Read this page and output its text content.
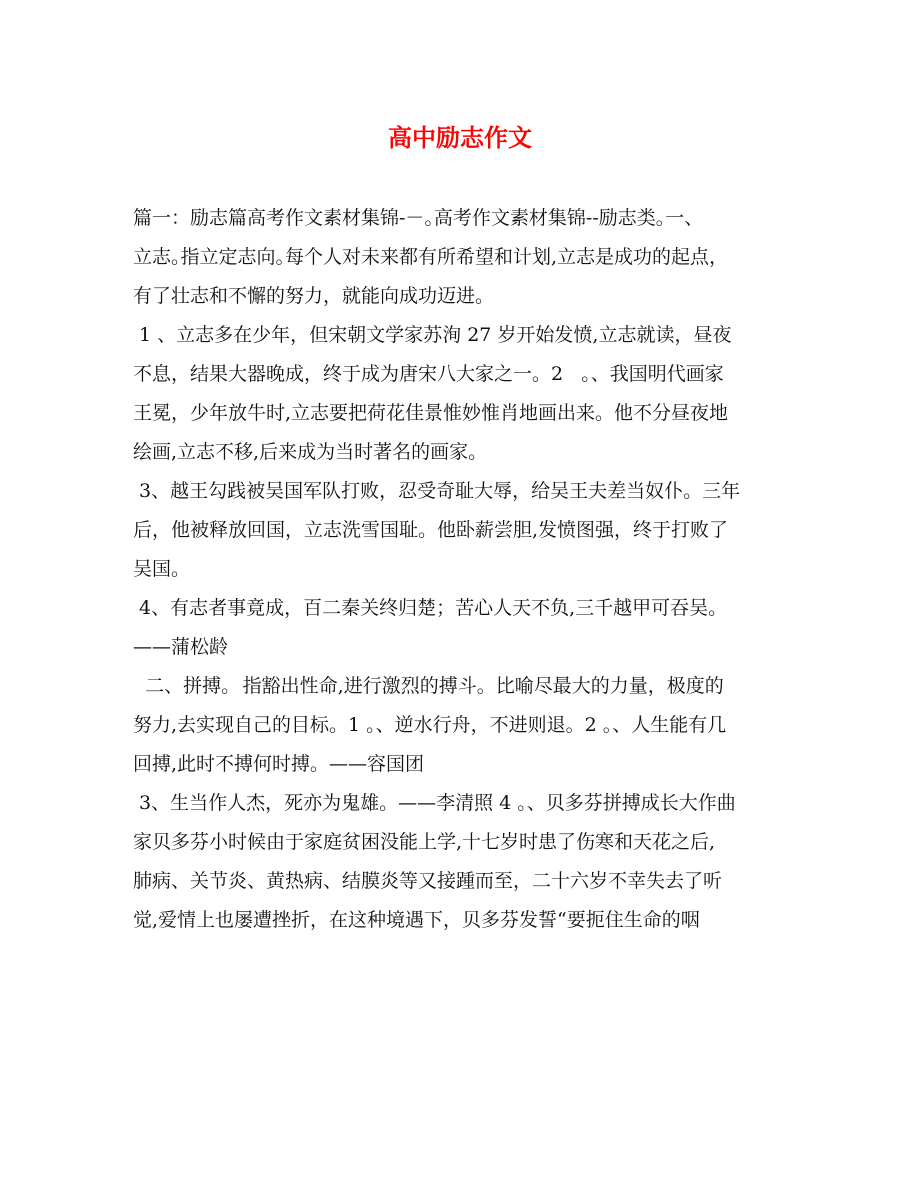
高中励志作文
篇一：励志篇高考作文素材集锦-－｡高考作文素材集锦--励志类｡一、
立志｡指立定志向｡每个人对未来都有所希望和计划,立志是成功的起点，
有了壮志和不懈的努力，就能向成功迈进。
1 、立志多在少年，但宋朝文学家苏洵 27 岁开始发愤,立志就读，昼夜
不息，结果大器晚成，终于成为唐宋八大家之一。2   ｡、我国明代画家
王冕，少年放牛时,立志要把荷花佳景惟妙惟肖地画出来。他不分昼夜地
绘画,立志不移,后来成为当时著名的画家。
3、越王勾践被吴国军队打败，忍受奇耻大辱，给吴王夫差当奴仆。三年
后，他被释放回国，立志洗雪国耻。他卧薪尝胆,发愤图强，终于打败了
吴国。
4、有志者事竟成，百二秦关终归楚；苦心人天不负,三千越甲可吞吴。
——蒲松龄
二、拼搏｡  指豁出性命,进行激烈的搏斗。比喻尽最大的力量，极度的
努力,去实现自己的目标。1 ｡、逆水行舟，不进则退。2 ｡、人生能有几
回搏,此时不搏何时搏。——容国团
3、生当作人杰，死亦为鬼雄。——李清照 4 ｡、贝多芬拼搏成长大作曲
家贝多芬小时候由于家庭贫困没能上学,十七岁时患了伤寒和天花之后,
肺病、关节炎、黄热病、结膜炎等又接踵而至，二十六岁不幸失去了听
觉,爱情上也屡遭挫折，在这种境遇下，贝多芬发誓“要扼住生命的咽
